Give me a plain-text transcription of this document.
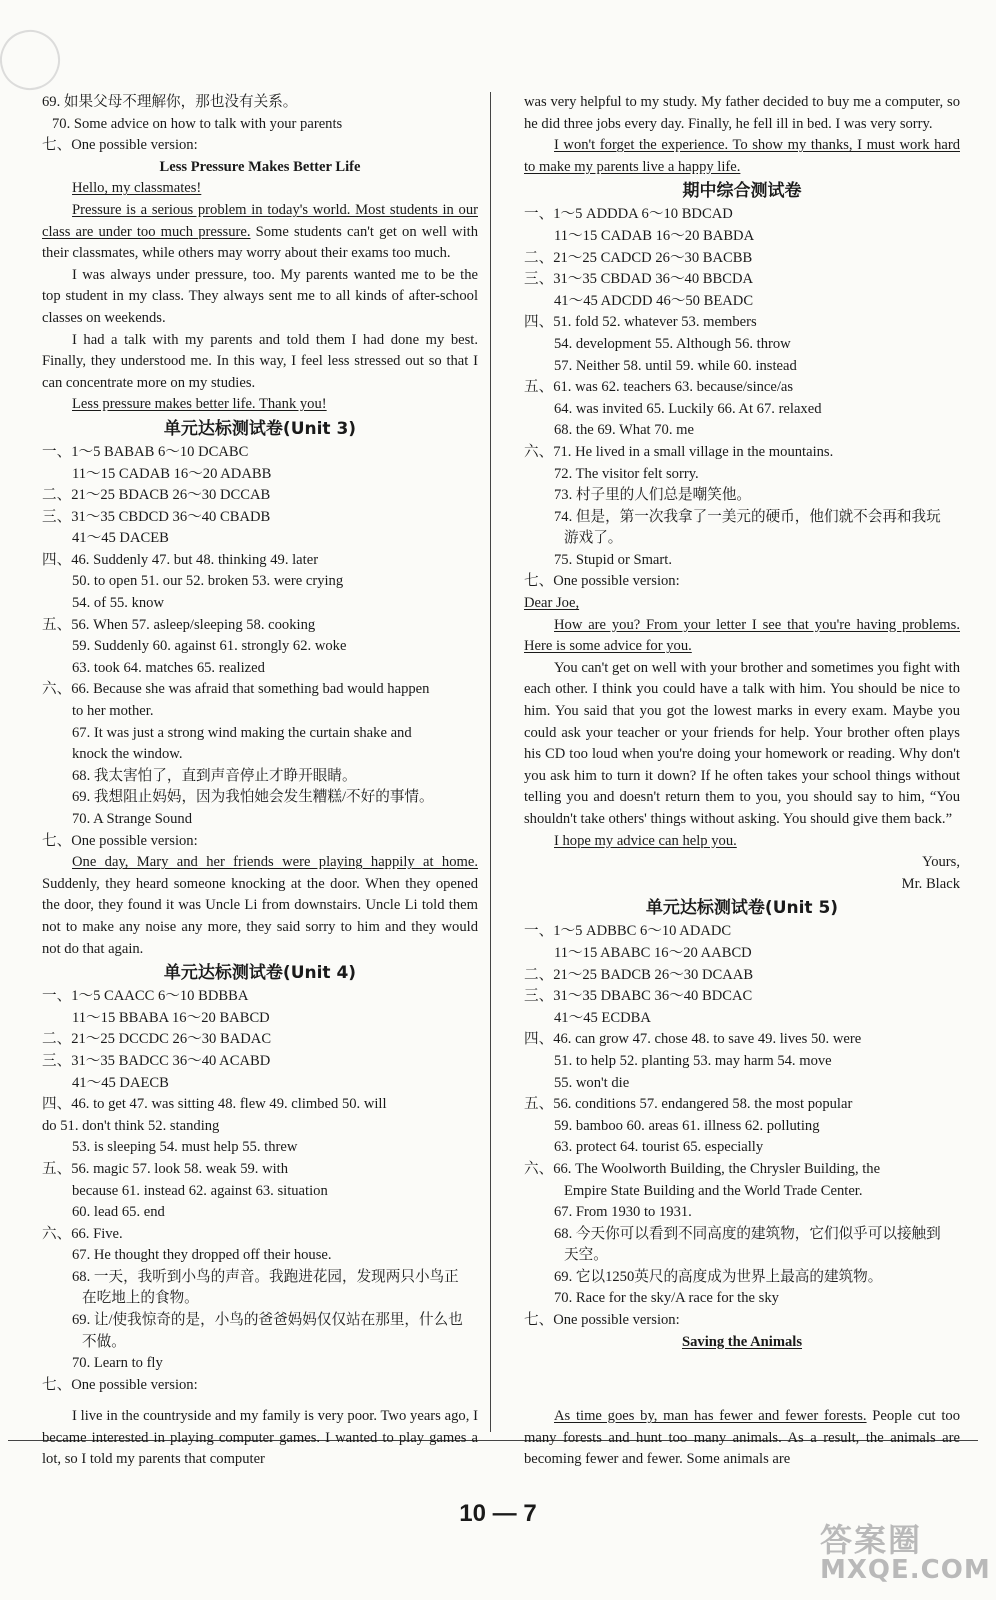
69. 如果父母不理解你，那也没有关系。
70. Some advice on how to talk with your parents
七、One possible version:
Less Pressure Makes Better Life
Hello, my classmates!
Pressure is a serious problem in today's world. Most students in our class are under too much pressure. Some students can't get on well with their classmates, while others may worry about their exams too much.
I was always under pressure, too. My parents wanted me to be the top student in my class. They always sent me to all kinds of after-school classes on weekends.
I had a talk with my parents and told them I had done my best. Finally, they understood me. In this way, I feel less stressed out so that I can concentrate more on my studies.
Less pressure makes better life. Thank you!
单元达标测试卷(Unit 3)
一、1～5 BABAB 6～10 DCABC
11～15 CADAB 16～20 ADABB
二、21～25 BDACB 26～30 DCCAB
三、31～35 CBDCD 36～40 CBADB
41～45 DACEB
四、46. Suddenly 47. but 48. thinking 49. later
50. to open 51. our 52. broken 53. were crying
54. of 55. know
五、56. When 57. asleep/sleeping 58. cooking
59. Suddenly 60. against 61. strongly 62. woke
63. took 64. matches 65. realized
六、66. Because she was afraid that something bad would happen
to her mother.
67. It was just a strong wind making the curtain shake and
knock the window.
68. 我太害怕了，直到声音停止才睁开眼睛。
69. 我想阻止妈妈，因为我怕她会发生糟糕/不好的事情。
70. A Strange Sound
七、One possible version:
One day, Mary and her friends were playing happily at home. Suddenly, they heard someone knocking at the door. When they opened the door, they found it was Uncle Li from downstairs. Uncle Li told them not to make any noise any more, they said sorry to him and they would not do that again.
单元达标测试卷(Unit 4)
一、1～5 CAACC 6～10 BDBBA
11～15 BBABA 16～20 BABCD
二、21～25 DCCDC 26～30 BADAC
三、31～35 BADCC 36～40 ACABD
41～45 DAECB
四、46. to get 47. was sitting 48. flew 49. climbed 50. will
do 51. don't think 52. standing
53. is sleeping 54. must help 55. threw
五、56. magic 57. look 58. weak 59. with
because 61. instead 62. against 63. situation
60. lead 65. end
六、66. Five.
67. He thought they dropped off their house.
68. 一天，我听到小鸟的声音。我跑进花园，发现两只小鸟正
在吃地上的食物。
69. 让/使我惊奇的是，小鸟的爸爸妈妈仅仅站在那里，什么也
不做。
70. Learn to fly
七、One possible version:
was very helpful to my study. My father decided to buy me a computer, so he did three jobs every day. Finally, he fell ill in bed. I was very sorry.
I won't forget the experience. To show my thanks, I must work hard to make my parents live a happy life.
期中综合测试卷
一、1～5 ADDDA 6～10 BDCAD
11～15 CADAB 16～20 BABDA
二、21～25 CADCD 26～30 BACBB
三、31～35 CBDAD 36～40 BBCDA
41～45 ADCDD 46～50 BEADC
四、51. fold 52. whatever 53. members
54. development 55. Although 56. throw
57. Neither 58. until 59. while 60. instead
五、61. was 62. teachers 63. because/since/as
64. was invited 65. Luckily 66. At 67. relaxed
68. the 69. What 70. me
六、71. He lived in a small village in the mountains.
72. The visitor felt sorry.
73. 村子里的人们总是嘲笑他。
74. 但是，第一次我拿了一美元的硬币，他们就不会再和我玩
游戏了。
75. Stupid or Smart.
七、One possible version:
Dear Joe,
How are you? From your letter I see that you're having problems. Here is some advice for you.
You can't get on well with your brother and sometimes you fight with each other. I think you could have a talk with him. You should be nice to him. You said that you got the lowest marks in every exam. Maybe you could ask your teacher or your friends for help. Your brother often plays his CD too loud when you're doing your homework or reading. Why don't you ask him to turn it down? If he often takes your school things without telling you and doesn't return them to you, you should say to him, “You shouldn't take others' things without asking. You should give them back.”
I hope my advice can help you.
Yours,
Mr. Black
单元达标测试卷(Unit 5)
一、1～5 ADBBC 6～10 ADADC
11～15 ABABC 16～20 AABCD
二、21～25 BADCB 26～30 DCAAB
三、31～35 DBABC 36～40 BDCAC
41～45 ECDBA
四、46. can grow 47. chose 48. to save 49. lives 50. were
51. to help 52. planting 53. may harm 54. move
55. won't die
五、56. conditions 57. endangered 58. the most popular
59. bamboo 60. areas 61. illness 62. polluting
63. protect 64. tourist 65. especially
六、66. The Woolworth Building, the Chrysler Building, the
Empire State Building and the World Trade Center.
67. From 1930 to 1931.
68. 今天你可以看到不同高度的建筑物，它们似乎可以接触到
天空。
69. 它以1250英尺的高度成为世界上最高的建筑物。
70. Race for the sky/A race for the sky
七、One possible version:
Saving the Animals
I live in the countryside and my family is very poor. Two years ago, I became interested in playing computer games. I wanted to play games a lot, so I told my parents that computer
As time goes by, man has fewer and fewer forests. People cut too many forests and hunt too many animals. As a result, the animals are becoming fewer and fewer. Some animals are
10 — 7
答案圈
MXQE.COM
